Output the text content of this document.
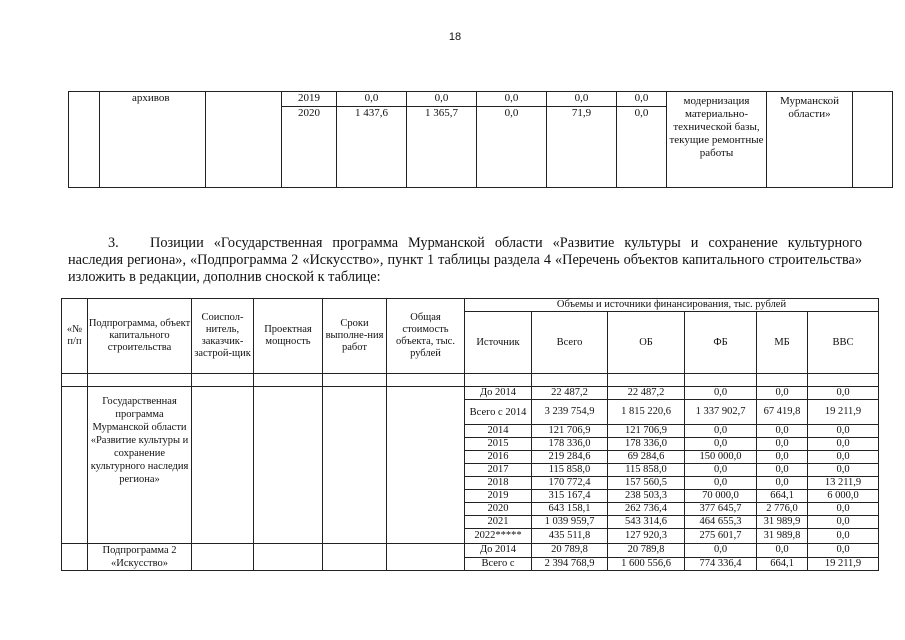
18
	архивов		2019	0,0	0,0	0,0	0,0	0,0	модернизация материально-технической базы, текущие ремонтные работы	Мурманской области»	
			2020	1 437,6	1 365,7	0,0	71,9	0,0			
3. Позиции «Государственная программа Мурманской области «Развитие культуры и сохранение культурного наследия региона», «Подпрограмма 2 «Искусство», пункт 1 таблицы раздела 4 «Перечень объектов капитального строительства» изложить в редакции, дополнив сноской к таблице:
«№ п/п	Подпрограмма, объект капитального строительства	Соиспол-нитель, заказчик-застрой-щик	Проектная мощность	Сроки выполне-ния работ	Общая стоимость объекта, тыс. рублей	Объемы и источники финансирования, тыс. рублей					
						Источник	Всего	ОБ	ФБ	МБ	ВВС

	Государственная программа Мурманской области «Развитие культуры и сохранение культурного наследия региона»					До 2014	22 487,2	22 487,2	0,0	0,0	0,0
						Всего с 2014	3 239 754,9	1 815 220,6	1 337 902,7	67 419,8	19 211,9
						2014	121 706,9	121 706,9	0,0	0,0	0,0
						2015	178 336,0	178 336,0	0,0	0,0	0,0
						2016	219 284,6	69 284,6	150 000,0	0,0	0,0
						2017	115 858,0	115 858,0	0,0	0,0	0,0
						2018	170 772,4	157 560,5	0,0	0,0	13 211,9
						2019	315 167,4	238 503,3	70 000,0	664,1	6 000,0
						2020	643 158,1	262 736,4	377 645,7	2 776,0	0,0
						2021	1 039 959,7	543 314,6	464 655,3	31 989,9	0,0
						2022*****	435 511,8	127 920,3	275 601,7	31 989,8	0,0
	Подпрограмма 2 «Искусство»					До 2014	20 789,8	20 789,8	0,0	0,0	0,0
						Всего с	2 394 768,9	1 600 556,6	774 336,4	664,1	19 211,9
